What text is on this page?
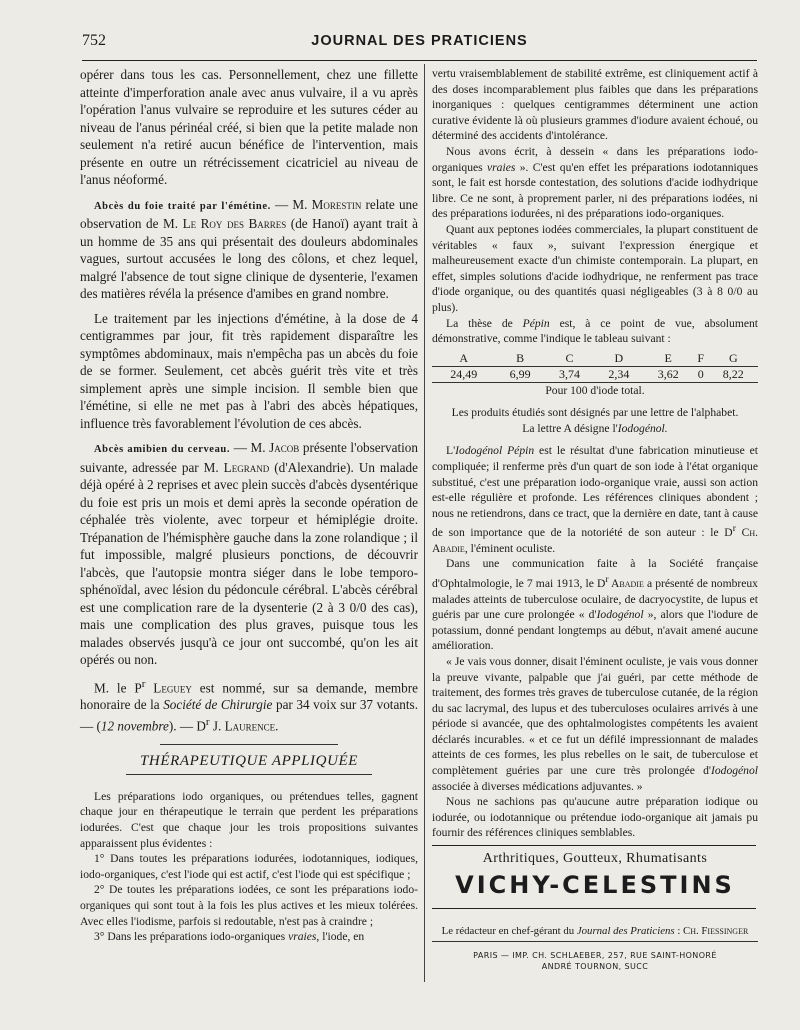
752	JOURNAL DES PRATICIENS

opérer dans tous les cas. Personnellement, chez une fillette atteinte d'imperforation anale avec anus vulvaire, il a vu après l'opération l'anus vulvaire se reproduire et les sutures céder au niveau de l'anus périnéal créé, si bien que la petite malade non seulement n'a retiré aucun bénéfice de l'intervention, mais présente en outre un rétrécissement cicatriciel au niveau de l'anus néoformé.

Abcès du foie traité par l'émétine. — M. Morestin relate une observation de M. Le Roy des Barres (de Hanoï) ayant trait à un homme de 35 ans qui présentait des douleurs abdominales vagues, surtout accusées le long des côlons, et chez lequel, malgré l'absence de tout signe clinique de dysenterie, l'examen des matières révéla la présence d'amibes en grand nombre.

Le traitement par les injections d'émétine, à la dose de 4 centigrammes par jour, fit très rapidement disparaître les symptômes abdominaux, mais n'empêcha pas un abcès du foie de se former. Seulement, cet abcès guérit très vite et très simplement après une simple incision. Il semble bien que l'émétine, si elle ne met pas à l'abri des abcès hépatiques, influence très favorablement l'évolution de ces abcès.

Abcès amibien du cerveau. — M. Jacob présente l'observation suivante, adressée par M. Legrand (d'Alexandrie). Un malade déjà opéré à 2 reprises et avec plein succès d'abcès dysentérique du foie est pris un mois et demi après la seconde opération de céphalée très violente, avec torpeur et hémiplégie droite. Trépanation de l'hémisphère gauche dans la zone rolandique ; il fut impossible, malgré plusieurs ponctions, de découvrir l'abcès, que l'autopsie montra siéger dans le lobe temporo-sphénoïdal, avec lésion du pédoncule cérébral. L'abcès cérébral est une complication rare de la dysenterie (2 à 3 0/0 des cas), mais une complication des plus graves, puisque tous les malades observés jusqu'à ce jour ont succombé, qu'on les ait opérés ou non.

M. le $P^r$ Leguey est nommé, sur sa demande, membre honoraire de la Société de Chirurgie par 34 voix sur 37 votants. — (12 novembre). — $D^r$ J. Laurence.

THÉRAPEUTIQUE APPLIQUÉE

Les préparations iodo organiques, ou prétendues telles, gagnent chaque jour en thérapeutique le terrain que perdent les préparations iodurées. C'est que chaque jour les trois propositions suivantes apparaissent plus évidentes :

1° Dans toutes les préparations iodurées, iodotanniques, iodiques, iodo-organiques, c'est l'iode qui est actif, c'est l'iode qui est spécifique ;

2° De toutes les préparations iodées, ce sont les préparations iodo-organiques qui sont tout à la fois les plus actives et les mieux tolérées. Avec elles l'iodisme, parfois si redoutable, n'est pas à craindre ;

3° Dans les préparations iodo-organiques vraies, l'iode, en

vertu vraisemblablement de stabilité extrême, est cliniquement actif à des doses incomparablement plus faibles que dans les préparations inorganiques : quelques centigrammes déterminent une action curative évidente là où plusieurs grammes d'iodure avaient échoué, ou déterminé des accidents d'intolérance.

Nous avons écrit, à dessein « dans les préparations iodo-organiques vraies ». C'est qu'en effet les préparations iodotanniques sont, le fait est horsde contestation, des solutions d'acide iodhydrique libre. Ce ne sont, à proprement parler, ni des préparations iodées, ni des préparations iodurées, ni des préparations iodo-organiques.

Quant aux peptones iodées commerciales, la plupart constituent de véritables « faux », suivant l'expression énergique et malheureusement exacte d'un chimiste contemporain. La plupart, en effet, simples solutions d'acide iodhydrique, ne renferment pas trace d'iode organique, ou des quantités quasi négligeables (3 à 8 0/0 au plus).

La thèse de Pépin est, à ce point de vue, absolument démonstrative, comme l'indique le tableau suivant :

A	B	C	D	E	F	G
24,49	6,99	3,74	2,34	3,62	0	8,22

Pour 100 d'iode total.

Les produits étudiés sont désignés par une lettre de l'alphabet.

La lettre A désigne l'Iodogénol.

L'Iodogénol Pépin est le résultat d'une fabrication minutieuse et compliquée; il renferme près d'un quart de son iode à l'état organique substitué, c'est une préparation iodo-organique vraie, aussi son action est-elle régulière et profonde. Les références cliniques abondent ; nous ne retiendrons, dans ce tract, que la dernière en date, tant à cause de son importance que de la notoriété de son auteur : le $D^r$ Ch. Abadie, l'éminent oculiste.

Dans une communication faite à la Société française d'Ophtalmologie, le 7 mai 1913, le $D^r$ Abadie a présenté de nombreux malades atteints de tuberculose oculaire, de dacryocystite, de lupus et guéris par une cure prolongée « d'Iodogénol », alors que l'iodure de potassium, donné pendant longtemps au début, n'avait amené aucune amélioration.

« Je vais vous donner, disait l'éminent oculiste, je vais vous donner la preuve vivante, palpable que j'ai guéri, par cette méthode de traitement, des formes très graves de tuberculose cutanée, de la région du sac lacrymal, des lupus et des tuberculoses oculaires arrivés à une période si avancée, que des ophtalmologistes compétents les avaient déclarés incurables. « et ce fut un défilé impressionnant de malades atteints de ces formes, les plus rebelles on le sait, de tuberculose et complètement guéries par une cure très prolongée d'Iodogénol associée à diverses médications adjuvantes. »

Nous ne sachions pas qu'aucune autre préparation iodique ou iodurée, ou iodotannique ou prétendue iodo-organique ait jamais pu fournir des références cliniques semblables.

Arthritiques, Goutteux, Rhumatisants
VICHY-CELESTINS
Le rédacteur en chef-gérant du Journal des Praticiens : Ch. Fiessinger
PARIS — IMP. CH. SCHLAEBER, 257, RUE SAINT-HONORÉ
ANDRÉ TOURNON, SUCC
